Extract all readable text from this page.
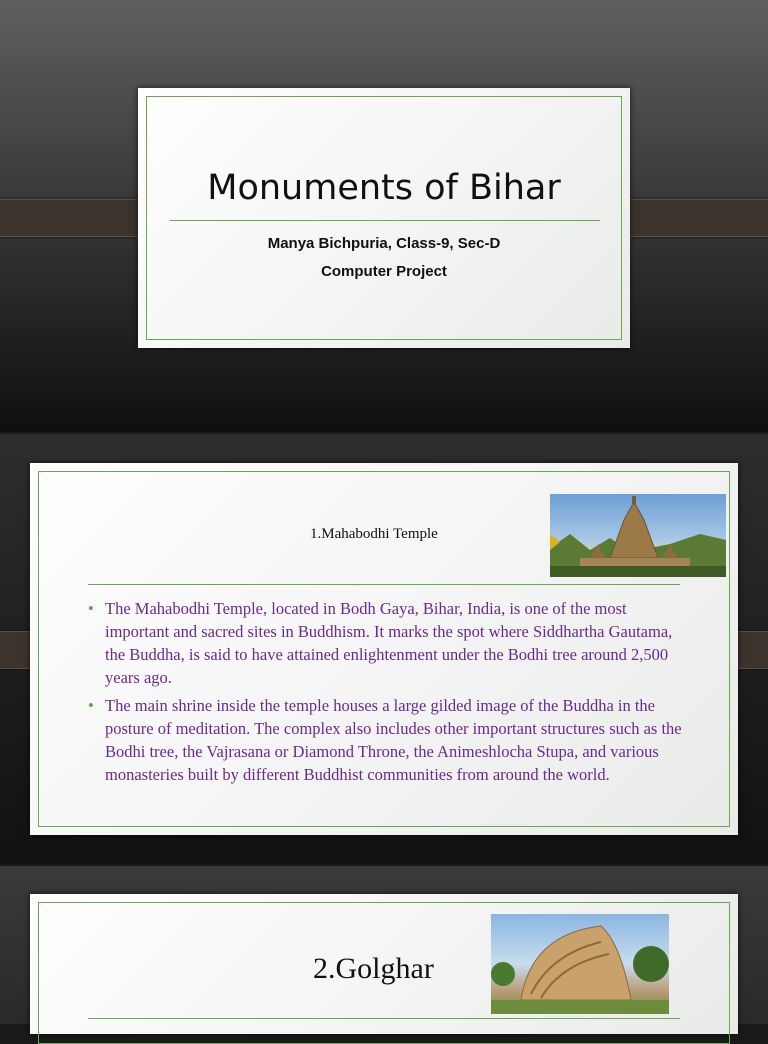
Monuments of Bihar
Manya Bichpuria, Class-9, Sec-D
Computer Project
1.Mahabodhi Temple
• The Mahabodhi Temple, located in Bodh Gaya, Bihar, India, is one of the most important and sacred sites in Buddhism. It marks the spot where Siddhartha Gautama, the Buddha, is said to have attained enlightenment under the Bodhi tree around 2,500 years ago.
• The main shrine inside the temple houses a large gilded image of the Buddha in the posture of meditation. The complex also includes other important structures such as the Bodhi tree, the Vajrasana or Diamond Throne, the Animeshlocha Stupa, and various monasteries built by different Buddhist communities from around the world.
2.Golghar
